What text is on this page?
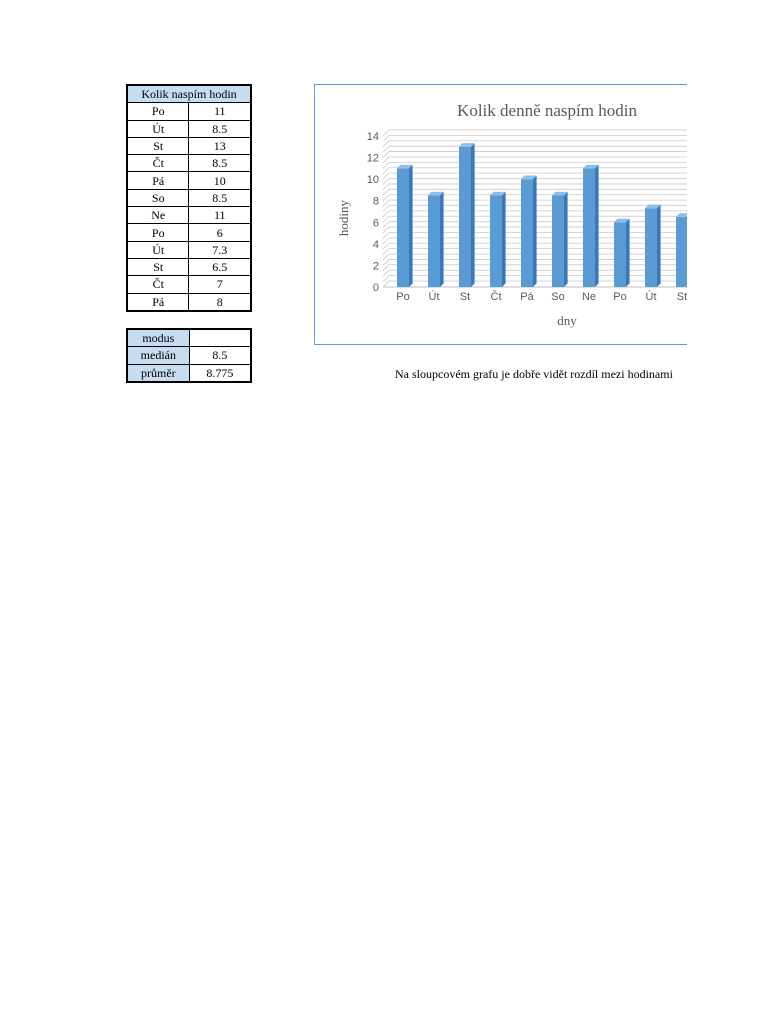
Kolik naspím hodin	
Po	11
Út	8.5
St	13
Čt	8.5
Pá	10
So	8.5
Ne	11
Po	6
Út	7.3
St	6.5
Čt	7
Pá	8
modus	
medián	8.5
průměr	8.775
0
2
4
6
8
10
12
14
Po Út St Čt Pá So Ne Po Út St
Kolik denně naspím hodin
dny
hodiny
Na sloupcovém grafu je dobře vidět rozdíl mezi hodinami
